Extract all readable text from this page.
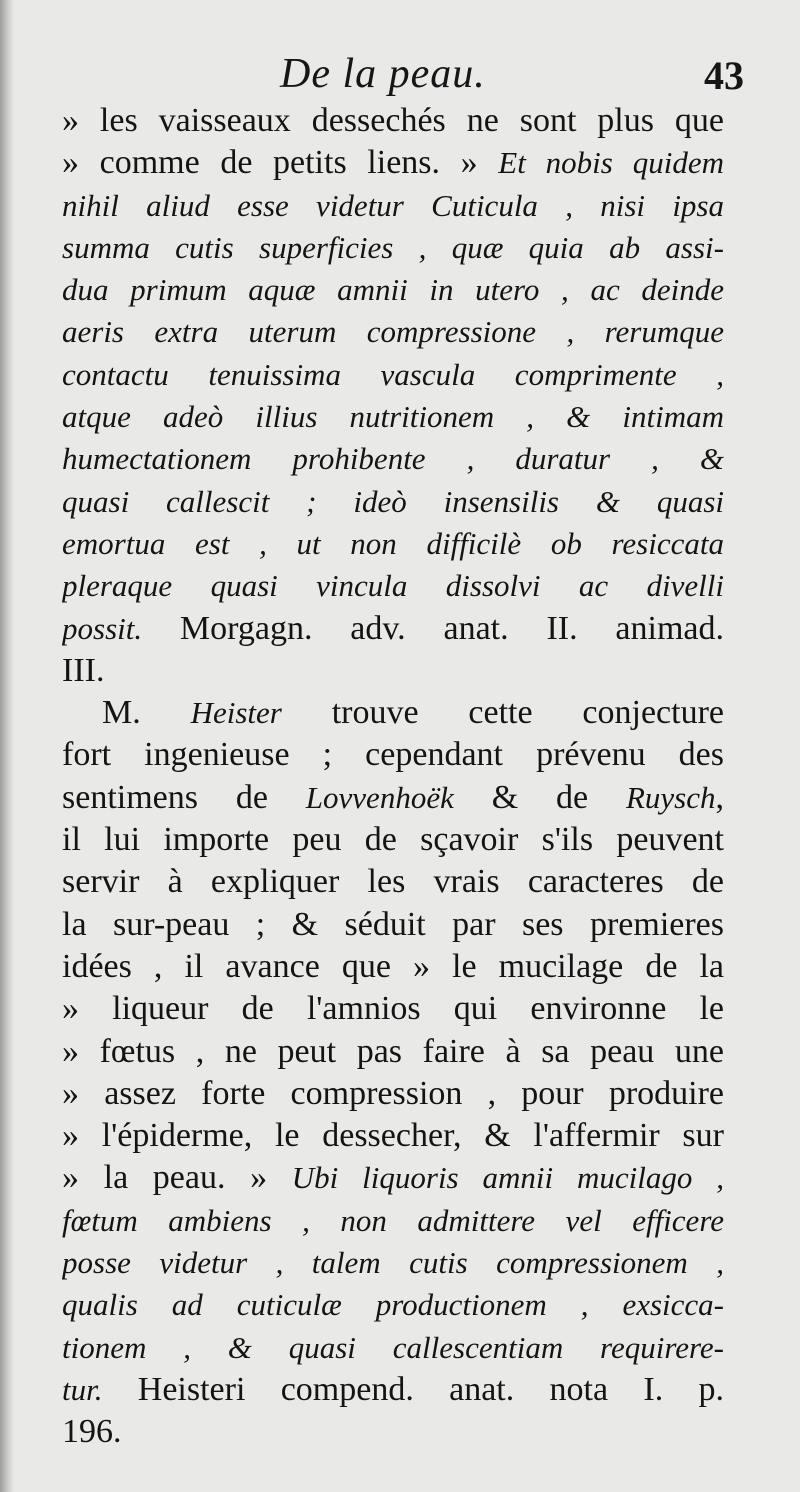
De la peau.	43
» les vaisseaux dessechés ne sont plus que
» comme de petits liens. » Et nobis quidem
nihil aliud esse videtur Cuticula , nisi ipsa
summa cutis superficies , quæ quia ab assi-
dua primum aquæ amnii in utero , ac deinde
aeris extra uterum compressione , rerumque
contactu tenuissima vascula comprimente ,
atque adeò illius nutritionem , & intimam
humectationem prohibente , duratur , &
quasi callescit ; ideò insensilis & quasi
emortua est , ut non difficilè ob resiccata
pleraque quasi vincula dissolvi ac divelli
possit. Morgagn. adv. anat. II. animad.
III.
M. Heister trouve cette conjecture
fort ingenieuse ; cependant prévenu des
sentimens de Lovvenhoëk & de Ruysch,
il lui importe peu de sçavoir s'ils peuvent
servir à expliquer les vrais caracteres de
la sur-peau ; & séduit par ses premieres
idées , il avance que » le mucilage de la
» liqueur de l'amnios qui environne le
» fœtus , ne peut pas faire à sa peau une
» assez forte compression , pour produire
» l'épiderme, le dessecher, & l'affermir sur
» la peau. » Ubi liquoris amnii mucilago ,
fœtum ambiens , non admittere vel efficere
posse videtur , talem cutis compressionem ,
qualis ad cuticulæ productionem , exsicca-
tionem , & quasi callescentiam requirere-
tur. Heisteri compend. anat. nota I. p.
196.
